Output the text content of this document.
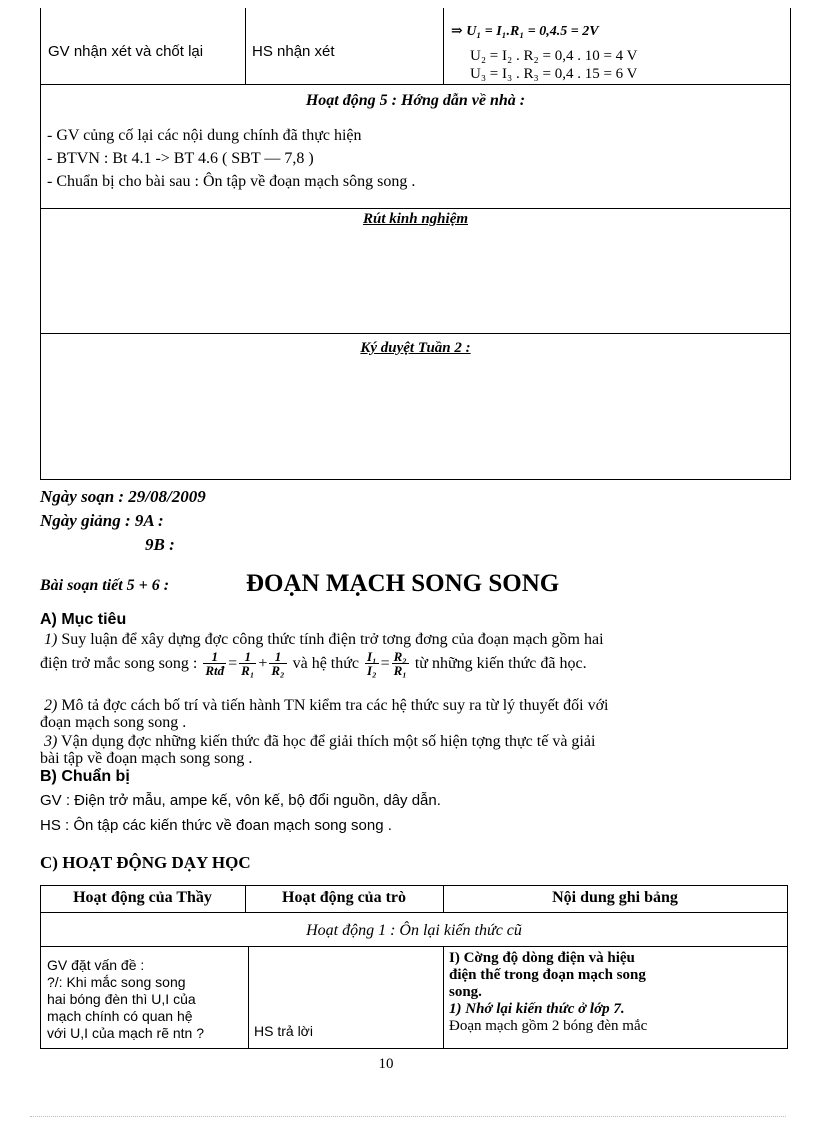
GV nhận xét và chốt lại	HS nhận xét
⇒ U₁ = I₁.R₁ = 0,4.5 = 2V
U₂ = I₂ . R₂ = 0,4 . 10 = 4 V
U₃ = I₃ . R₃ = 0,4 . 15 = 6 V
Hoạt động 5 : Hớng dẫn về nhà :
- GV củng cố lại các nội dung chính đã thực hiện
- BTVN : Bt 4.1 -> BT 4.6 ( SBT — 7,8 )
- Chuẩn bị cho bài sau : Ôn tập về đoạn mạch sông song .
Rút kinh nghiệm
Ký duyệt Tuần 2 :
Ngày soạn : 29/08/2009
Ngày giảng : 9A :
9B :
Bài soạn tiết 5 + 6 :	ĐOẠN MẠCH SONG SONG
A) Mục tiêu
1) Suy luận để xây dựng đợc công thức tính điện trở tơng đơng của đoạn mạch gồm hai
điện trở mắc song song : $\frac{1}{\text{Rtđ}} = \frac{1}{\text{R₁}} + \frac{1}{\text{R₂}}$ và hệ thức $\frac{\text{I₁}}{\text{I₂}} = \frac{\text{R₂}}{\text{R₁}}$ từ những kiến thức đã học.
2) Mô tả đợc cách bố trí và tiến hành TN kiểm tra các hệ thức suy ra từ lý thuyết đối với
đoạn mạch song song .
3) Vận dụng đợc những kiến thức đã học để giải thích một số hiện tợng thực tế và giải
bài tập về đoạn mạch song song .
B) Chuẩn bị
GV : Điện trở mẫu, ampe kế, vôn kế, bộ đổi nguồn, dây dẫn.
HS : Ôn tập các kiến thức về đoan mạch song song .
C) HOẠT ĐỘNG DẠY HỌC
Hoạt động của Thầy	Hoạt động của trò	Nội dung ghi bảng
Hoạt động 1 : Ôn lại kiến thức cũ
GV đặt vấn đề :
?/: Khi mắc song song
hai bóng đèn thì U,I của
mạch chính có quan hệ
với U,I của mạch rẽ ntn ?	HS trả lời
I) Cờng độ dòng điện và hiệu
điện thế trong đoạn mạch song
song.
1) Nhớ lại kiến thức ở lớp 7.
Đoạn mạch gồm 2 bóng đèn mắc
10
